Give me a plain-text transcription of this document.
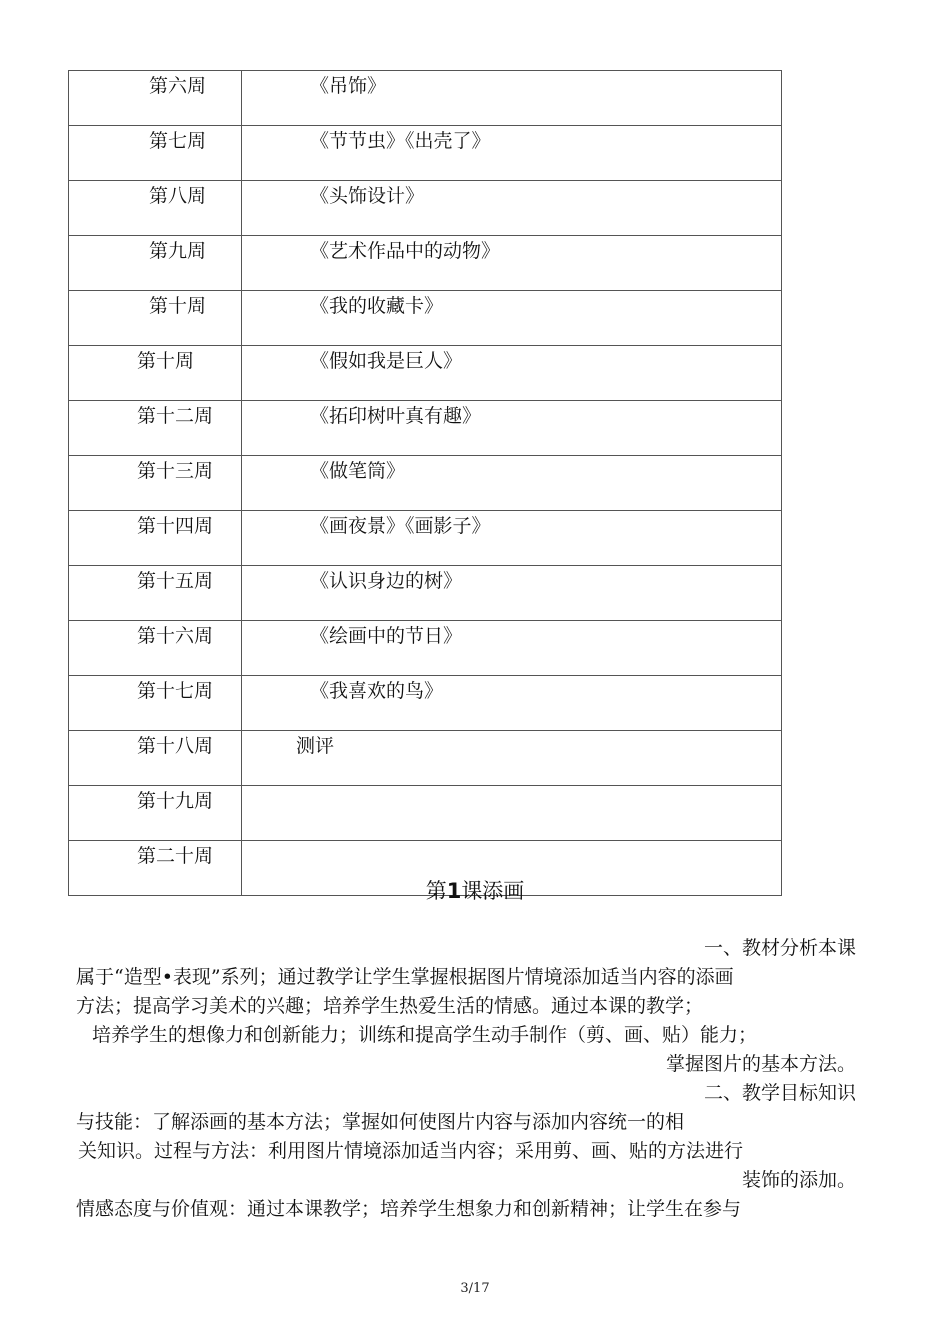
第六周	《吊饰》
第七周	《节节虫》《出壳了》
第八周	《头饰设计》
第九周	《艺术作品中的动物》
第十周	《我的收藏卡》
第十周	《假如我是巨人》
第十二周	《拓印树叶真有趣》
第十三周	《做笔筒》
第十四周	《画夜景》《画影子》
第十五周	《认识身边的树》
第十六周	《绘画中的节日》
第十七周	《我喜欢的鸟》
第十八周	测评
第十九周	
第二十周	
第1课添画
一、教材分析本课
属于“造型•表现”系列；通过教学让学生掌握根据图片情境添加适当内容的添画
方法；提高学习美术的兴趣；培养学生热爱生活的情感。通过本课的教学；
培养学生的想像力和创新能力；训练和提高学生动手制作（剪、画、贴）能力；
掌握图片的基本方法。
二、教学目标知识
与技能：了解添画的基本方法；掌握如何使图片内容与添加内容统一的相
关知识。过程与方法：利用图片情境添加适当内容；采用剪、画、贴的方法进行
装饰的添加。
情感态度与价值观：通过本课教学；培养学生想象力和创新精神；让学生在参与
3/17
